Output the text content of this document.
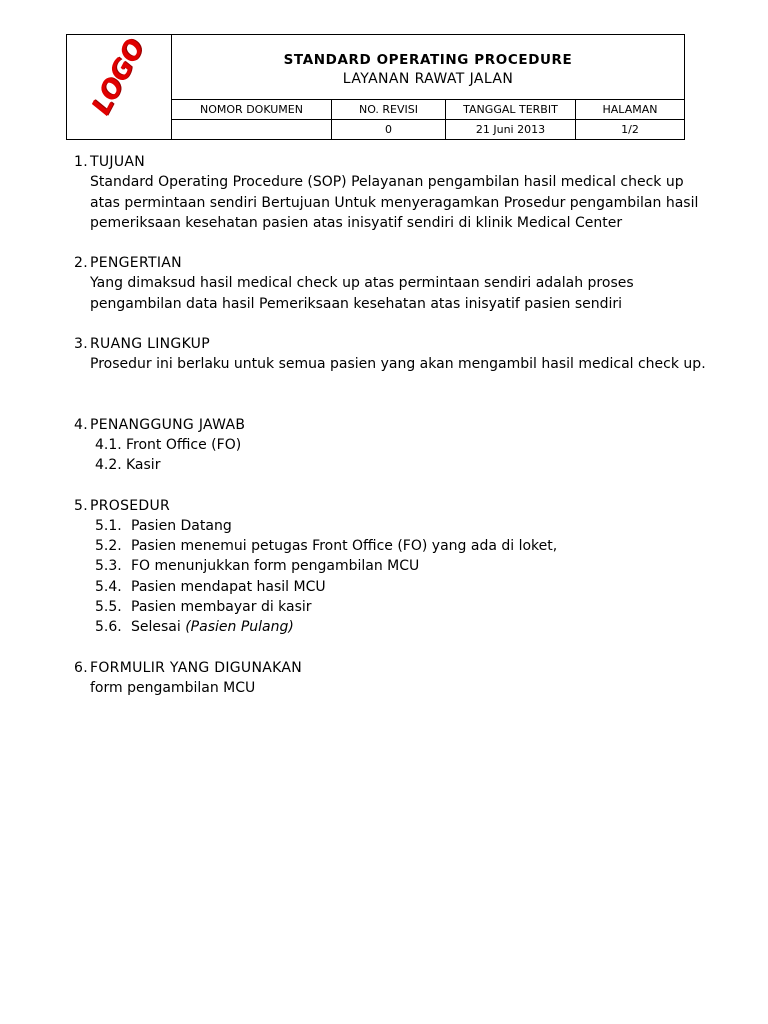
LOGO	STANDARD OPERATING PROCEDURE
LAYANAN RAWAT JALAN			

	NOMOR DOKUMEN	NO. REVISI	TANGGAL TERBIT	HALAMAN
		0	21 Juni 2013	1/2
1. TUJUAN
Standard Operating Procedure (SOP) Pelayanan pengambilan hasil medical check up
atas permintaan sendiri Bertujuan Untuk menyeragamkan Prosedur pengambilan hasil
pemeriksaan kesehatan pasien atas inisyatif sendiri di klinik Medical Center
2. PENGERTIAN
Yang dimaksud hasil medical check up atas permintaan sendiri adalah proses
pengambilan data hasil Pemeriksaan kesehatan atas inisyatif pasien sendiri
3. RUANG LINGKUP
Prosedur ini berlaku untuk semua pasien yang akan mengambil hasil medical check up.
4. PENANGGUNG JAWAB
4.1. Front Office (FO)
4.2. Kasir
5. PROSEDUR
5.1. Pasien Datang
5.2. Pasien menemui petugas Front Office (FO) yang ada di loket,
5.3. FO menunjukkan form pengambilan MCU
5.4. Pasien mendapat hasil MCU
5.5. Pasien membayar di kasir
5.6. Selesai (Pasien Pulang)
6. FORMULIR YANG DIGUNAKAN
form pengambilan MCU
